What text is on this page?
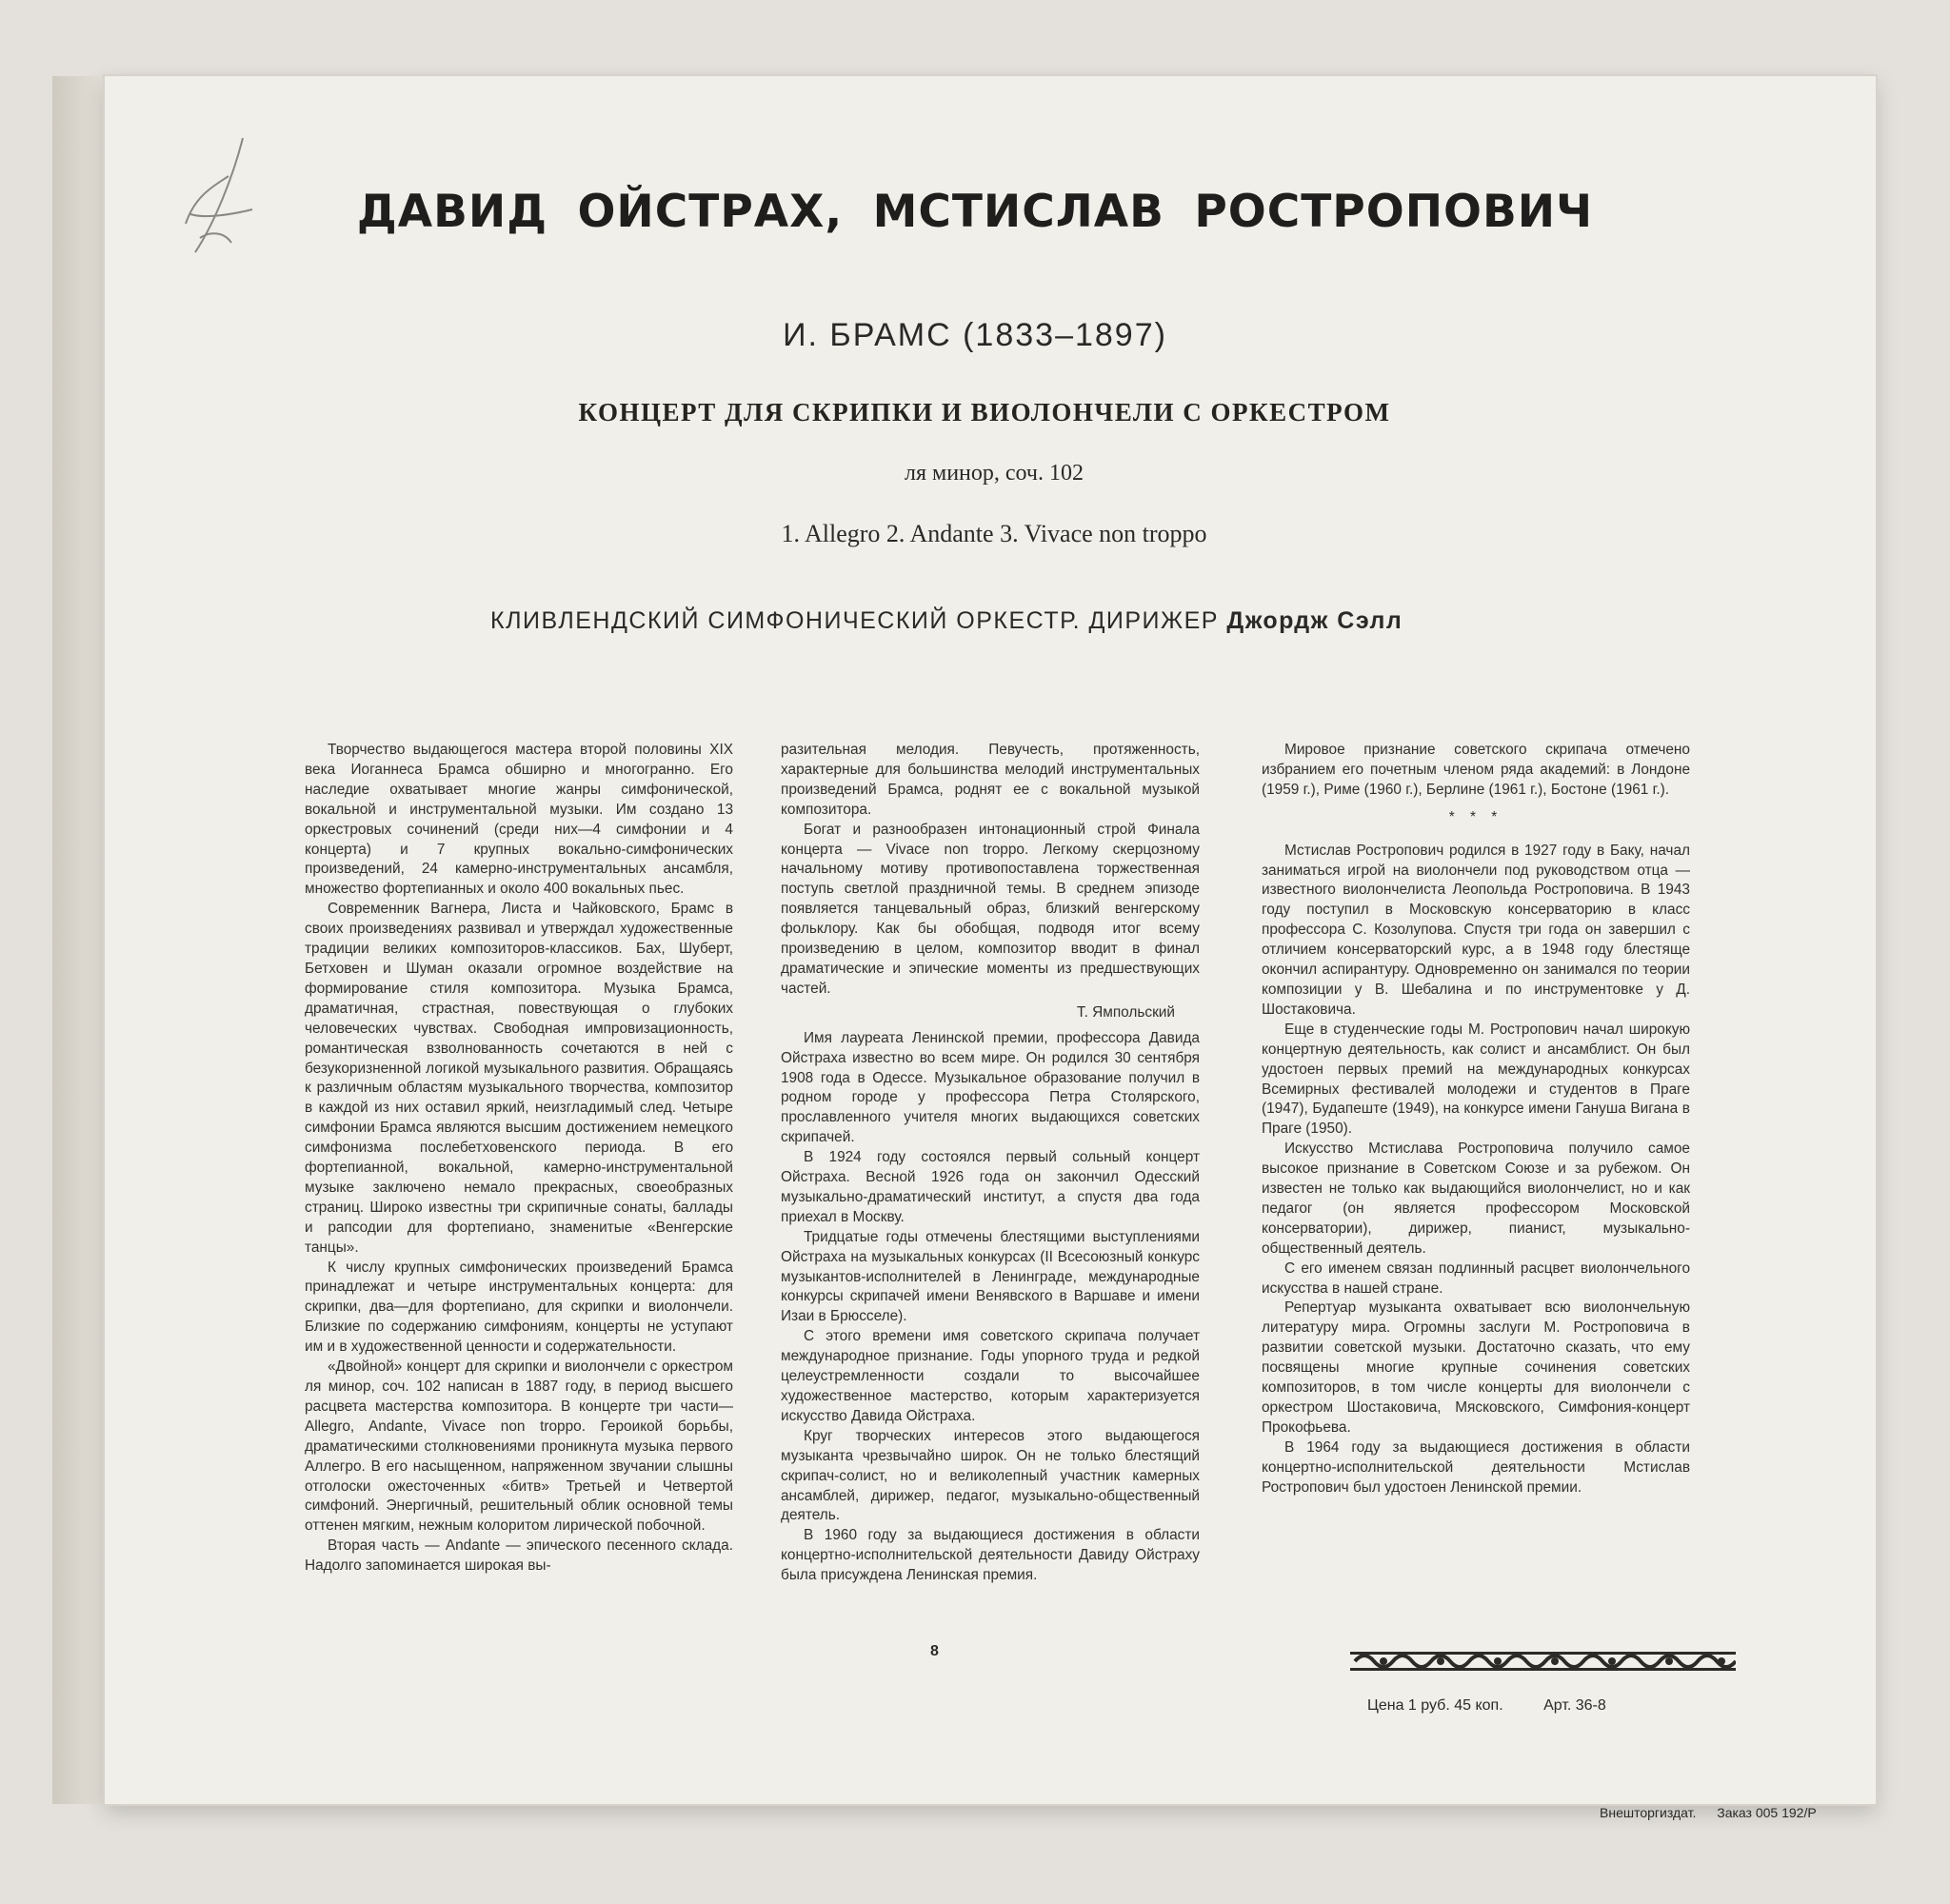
ДАВИД ОЙСТРАХ, МСТИСЛАВ РОСТРОПОВИЧ
И. БРАМС (1833–1897)
КОНЦЕРТ ДЛЯ СКРИПКИ И ВИОЛОНЧЕЛИ С ОРКЕСТРОМ
ля минор, соч. 102
1. Allegro 2. Andante 3. Vivace non troppo
КЛИВЛЕНДСКИЙ СИМФОНИЧЕСКИЙ ОРКЕСТР. ДИРИЖЕР Джордж Сэлл

Творчество выдающегося мастера второй половины XIX века Иоганнеса Брамса обширно и многогранно. Его наследие охватывает многие жанры симфонической, вокальной и инструментальной музыки. Им создано 13 оркестровых сочинений (среди них—4 симфонии и 4 концерта) и 7 крупных вокально-симфонических произведений, 24 камерно-инструментальных ансамбля, множество фортепианных и около 400 вокальных пьес.

Современник Вагнера, Листа и Чайковского, Брамс в своих произведениях развивал и утверждал художественные традиции великих композиторов-классиков. Бах, Шуберт, Бетховен и Шуман оказали огромное воздействие на формирование стиля композитора. Музыка Брамса, драматичная, страстная, повествующая о глубоких человеческих чувствах. Свободная импровизационность, романтическая взволнованность сочетаются в ней с безукоризненной логикой музыкального развития. Обращаясь к различным областям музыкального творчества, композитор в каждой из них оставил яркий, неизгладимый след. Четыре симфонии Брамса являются высшим достижением немецкого симфонизма послебетховенского периода. В его фортепианной, вокальной, камерно-инструментальной музыке заключено немало прекрасных, своеобразных страниц. Широко известны три скрипичные сонаты, баллады и рапсодии для фортепиано, знаменитые «Венгерские танцы».

К числу крупных симфонических произведений Брамса принадлежат и четыре инструментальных концерта: для скрипки, два—для фортепиано, для скрипки и виолончели. Близкие по содержанию симфониям, концерты не уступают им и в художественной ценности и содержательности.

«Двойной» концерт для скрипки и виолончели с оркестром ля минор, соч. 102 написан в 1887 году, в период высшего расцвета мастерства композитора. В концерте три части—Allegro, Andante, Vivace non troppo. Героикой борьбы, драматическими столкновениями проникнута музыка первого Аллегро. В его насыщенном, напряженном звучании слышны отголоски ожесточенных «битв» Третьей и Четвертой симфоний. Энергичный, решительный облик основной темы оттенен мягким, нежным колоритом лирической побочной.

Вторая часть — Andante — эпического песенного склада. Надолго запоминается широкая вы-

разительная мелодия. Певучесть, протяженность, характерные для большинства мелодий инструментальных произведений Брамса, роднят ее с вокальной музыкой композитора.

Богат и разнообразен интонационный строй Финала концерта — Vivace non troppo. Легкому скерцозному начальному мотиву противопоставлена торжественная поступь светлой праздничной темы. В среднем эпизоде появляется танцевальный образ, близкий венгерскому фольклору. Как бы обобщая, подводя итог всему произведению в целом, композитор вводит в финал драматические и эпические моменты из предшествующих частей.

Т. Ямпольский

Имя лауреата Ленинской премии, профессора Давида Ойстраха известно во всем мире. Он родился 30 сентября 1908 года в Одессе. Музыкальное образование получил в родном городе у профессора Петра Столярского, прославленного учителя многих выдающихся советских скрипачей.

В 1924 году состоялся первый сольный концерт Ойстраха. Весной 1926 года он закончил Одесский музыкально-драматический институт, а спустя два года приехал в Москву.

Тридцатые годы отмечены блестящими выступлениями Ойстраха на музыкальных конкурсах (II Всесоюзный конкурс музыкантов-исполнителей в Ленинграде, международные конкурсы скрипачей имени Венявского в Варшаве и имени Изаи в Брюсселе).

С этого времени имя советского скрипача получает международное признание. Годы упорного труда и редкой целеустремленности создали то высочайшее художественное мастерство, которым характеризуется искусство Давида Ойстраха.

Круг творческих интересов этого выдающегося музыканта чрезвычайно широк. Он не только блестящий скрипач-солист, но и великолепный участник камерных ансамблей, дирижер, педагог, музыкально-общественный деятель.

В 1960 году за выдающиеся достижения в области концертно-исполнительской деятельности Давиду Ойстраху была присуждена Ленинская премия.

Мировое признание советского скрипача отмечено избранием его почетным членом ряда академий: в Лондоне (1959 г.), Риме (1960 г.), Берлине (1961 г.), Бостоне (1961 г.).

* * *

Мстислав Ростропович родился в 1927 году в Баку, начал заниматься игрой на виолончели под руководством отца — известного виолончелиста Леопольда Ростроповича. В 1943 году поступил в Московскую консерваторию в класс профессора С. Козолупова. Спустя три года он завершил с отличием консерваторский курс, а в 1948 году блестяще окончил аспирантуру. Одновременно он занимался по теории композиции у В. Шебалина и по инструментовке у Д. Шостаковича.

Еще в студенческие годы М. Ростропович начал широкую концертную деятельность, как солист и ансамблист. Он был удостоен первых премий на международных конкурсах Всемирных фестивалей молодежи и студентов в Праге (1947), Будапеште (1949), на конкурсе имени Гануша Вигана в Праге (1950).

Искусство Мстислава Ростроповича получило самое высокое признание в Советском Союзе и за рубежом. Он известен не только как выдающийся виолончелист, но и как педагог (он является профессором Московской консерватории), дирижер, пианист, музыкально-общественный деятель.

С его именем связан подлинный расцвет виолончельного искусства в нашей стране.

Репертуар музыканта охватывает всю виолончельную литературу мира. Огромны заслуги М. Ростроповича в развитии советской музыки. Достаточно сказать, что ему посвящены многие крупные сочинения советских композиторов, в том числе концерты для виолончели с оркестром Шостаковича, Мясковского, Симфония-концерт Прокофьева.

В 1964 году за выдающиеся достижения в области концертно-исполнительской деятельности Мстислав Ростропович был удостоен Ленинской премии.

8
Цена 1 руб. 45 коп.	Арт. 36-8
Внешторгиздат. Заказ 005 192/Р
